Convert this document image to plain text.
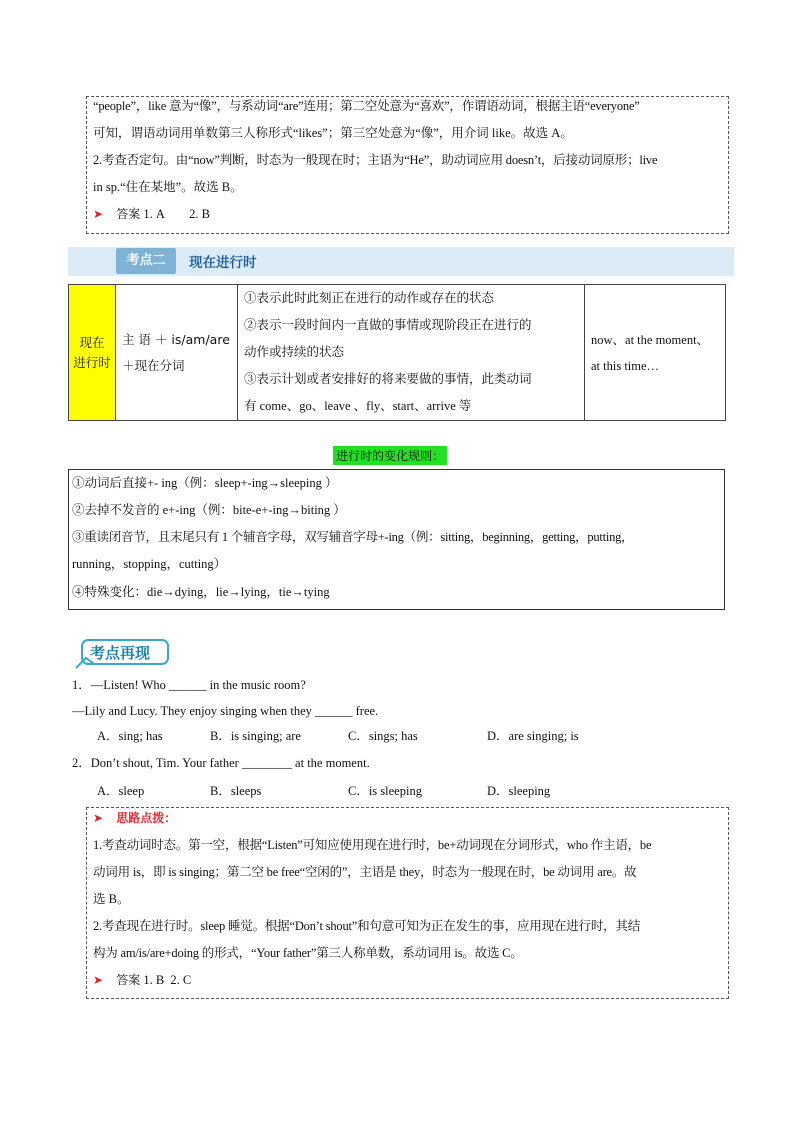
“people”，like 意为“像”，与系动词“are”连用；第二空处意为“喜欢”，作谓语动词，根据主语“everyone”
可知，谓语动词用单数第三人称形式“likes”；第三空处意为“像”，用介词 like。故选 A。
2.考查否定句。由“now”判断，时态为一般现在时；主语为“He”，助动词应用 doesn’t，后接动词原形；live
in sp.“住在某地”。故选 B。
➤ 答案 1. A　　2. B
考点二	现在进行时
现在
进行时

主 语 ＋ is/am/are
＋现在分词

①表示此时此刻正在进行的动作或存在的状态
②表示一段时间内一直做的事情或现阶段正在进行的
动作或持续的状态
③表示计划或者安排好的将来要做的事情，此类动词
有 come、go、leave 、fly、start、arrive 等

now、at the moment、
at this time…
进行时的变化规则：
①动词后直接+- ing（例：sleep+-ing→sleeping ）
②去掉不发音的 e+-ing（例：bite-e+-ing→biting ）
③重读闭音节，且末尾只有 1 个辅音字母，双写辅音字母+-ing（例：sitting，beginning，getting，putting，
running，stopping，cutting）
④特殊变化：die→dying，lie→lying，tie→tying
考点再现
1．—Listen! Who ______ in the music room?
—Lily and Lucy. They enjoy singing when they ______ free.
A．sing; has	B．is singing; are	C．sings; has	D．are singing; is
2．Don’t shout, Tim. Your father ________ at the moment.
A．sleep	B．sleeps	C．is sleeping	D．sleeping
➤ 思路点拨：
1.考查动词时态。第一空，根据“Listen”可知应使用现在进行时，be+动词现在分词形式，who 作主语，be
动词用 is，即 is singing；第二空 be free“空闲的”，主语是 they，时态为一般现在时，be 动词用 are。故
选 B。
2.考查现在进行时。sleep 睡觉。根据“Don’t shout”和句意可知为正在发生的事，应用现在进行时，其结
构为 am/is/are+doing 的形式，“Your father”第三人称单数，系动词用 is。故选 C。
➤ 答案 1. B  2. C
